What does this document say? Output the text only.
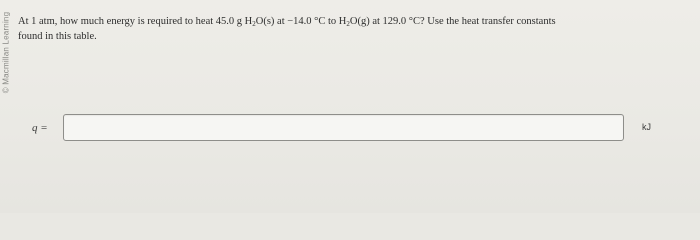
© Macmillan Learning At 1 atm, how much energy is required to heat 45.0 g $H_2O(s)$ at −14.0 °C to $H_2O(g)$ at 129.0 °C? Use the heat transfer constants
found in this table.
q =	kJ
